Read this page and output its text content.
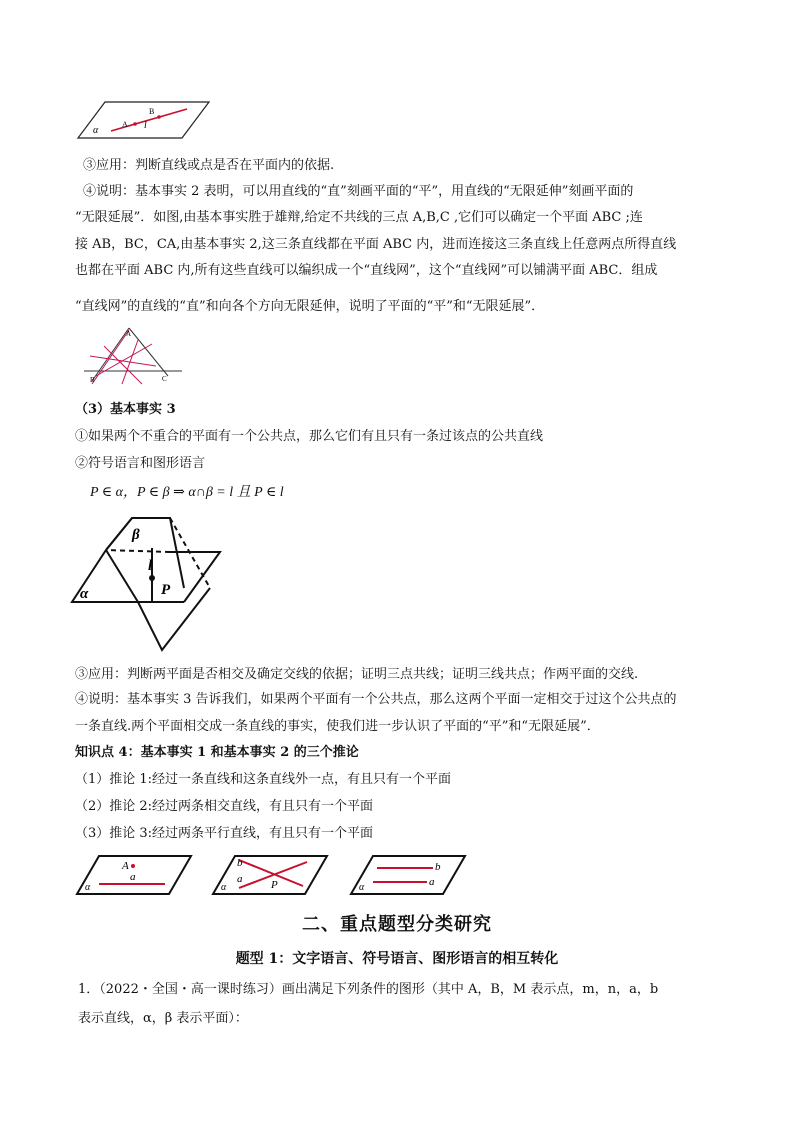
α
A
B
l
③应用：判断直线或点是否在平面内的依据.
④说明：基本事实 2 表明，可以用直线的“直”刻画平面的“平”，用直线的“无限延伸”刻画平面的
“无限延展”．如图,由基本事实胜于雄辩,给定不共线的三点 A,B,C ,它们可以确定一个平面 ABC ;连
接 AB，BC，CA,由基本事实 2,这三条直线都在平面 ABC 内，进而连接这三条直线上任意两点所得直线
也都在平面 ABC 内,所有这些直线可以编织成一个“直线网”，这个“直线网”可以铺满平面 ABC．组成
“直线网”的直线的“直”和向各个方向无限延伸，说明了平面的“平”和“无限延展”．
A
B	C
（3）基本事实 3
①如果两个不重合的平面有一个公共点，那么它们有且只有一条过该点的公共直线
②符号语言和图形语言
P ∈ α，P ∈ β ⇒ α∩β = l 且 P ∈ l
α
β
l
P
③应用：判断两平面是否相交及确定交线的依据；证明三点共线；证明三线共点；作两平面的交线.
④说明：基本事实 3 告诉我们，如果两个平面有一个公共点，那么这两个平面一定相交于过这个公共点的
一条直线.两个平面相交成一条直线的事实，使我们进一步认识了平面的“平”和“无限延展”．
知识点 4：基本事实 1 和基本事实 2 的三个推论
（1）推论 1:经过一条直线和这条直线外一点，有且只有一个平面
（2）推论 2:经过两条相交直线，有且只有一个平面
（3）推论 3:经过两条平行直线，有且只有一个平面
A
a
α
b
a	P
α
b
a
α
二、重点题型分类研究
题型 1：文字语言、符号语言、图形语言的相互转化
1．（2022・全国・高一课时练习）画出满足下列条件的图形（其中 A，B，M 表示点，m，n，a，b
表示直线，α，β 表示平面）：
